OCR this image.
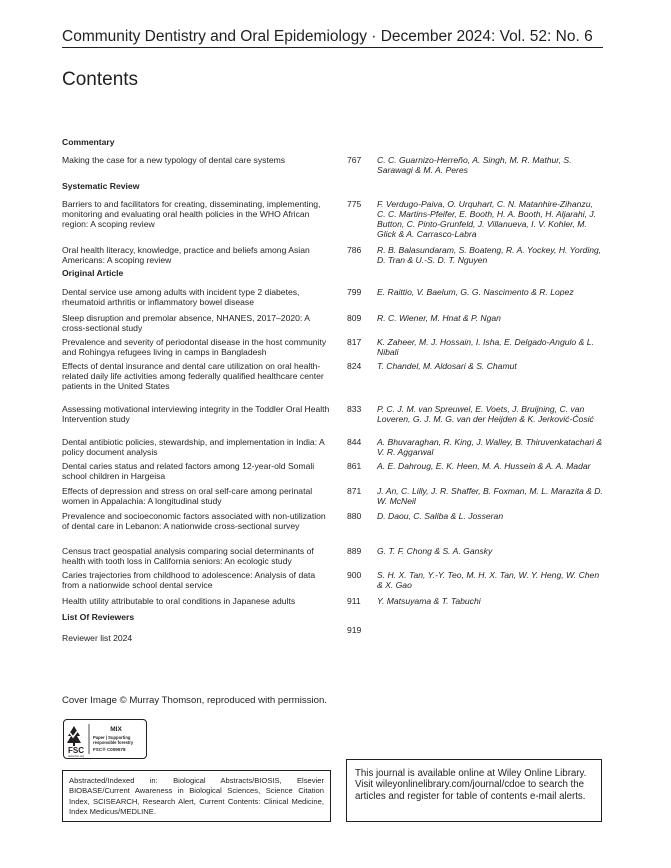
Community Dentistry and Oral Epidemiology · December 2024: Vol. 52: No. 6
Contents
Commentary
Making the case for a new typology of dental care systems	767 C. C. Guarnizo-Herreño, A. Singh, M. R. Mathur, S. Sarawagi & M. A. Peres
Systematic Review
Barriers to and facilitators for creating, disseminating, implementing, monitoring and evaluating oral health policies in the WHO African region: A scoping review
775 F. Verdugo-Paiva, O. Urquhart, C. N. Matanhire-Zihanzu, C. C. Martins-Pfeifer, E. Booth, H. A. Booth, H. Aljarahi, J. Button, C. Pinto-Grunfeld, J. Villanueva, I. V. Kohler, M. Glick & A. Carrasco-Labra
Oral health literacy, knowledge, practice and beliefs among Asian Americans: A scoping review
786 R. B. Balasundaram, S. Boateng, R. A. Yockey, H. Yording, D. Tran & U.-S. D. T. Nguyen
Original Article
Dental service use among adults with incident type 2 diabetes, rheumatoid arthritis or inflammatory bowel disease
799 E. Raittio, V. Baelum, G. G. Nascimento & R. Lopez
Sleep disruption and premolar absence, NHANES, 2017–2020: A cross-sectional study
809 R. C. Wiener, M. Hnat & P. Ngan
Prevalence and severity of periodontal disease in the host community and Rohingya refugees living in camps in Bangladesh
817 K. Zaheer, M. J. Hossain, I. Isha, E. Delgado-Angulo & L. Nibali
Effects of dental insurance and dental care utilization on oral health-related daily life activities among federally qualified healthcare center patients in the United States
824 T. Chandel, M. Aldosari & S. Chamut
Assessing motivational interviewing integrity in the Toddler Oral Health Intervention study
833 P. C. J. M. van Spreuwel, E. Voets, J. Bruijning, C. van Loveren, G. J. M. G. van der Heijden & K. Jerković-Ćosić
Dental antibiotic policies, stewardship, and implementation in India: A policy document analysis
844 A. Bhuvaraghan, R. King, J. Walley, B. Thiruvenkatachari & V. R. Aggarwal
Dental caries status and related factors among 12-year-old Somali school children in Hargeisa
861 A. E. Dahroug, E. K. Heen, M. A. Hussein & A. A. Madar
Effects of depression and stress on oral self-care among perinatal women in Appalachia: A longitudinal study
871 J. An, C. Lilly, J. R. Shaffer, B. Foxman, M. L. Marazita & D. W. McNeil
Prevalence and socioeconomic factors associated with non-utilization of dental care in Lebanon: A nationwide cross-sectional survey
880 D. Daou, C. Saliba & L. Josseran
Census tract geospatial analysis comparing social determinants of health with tooth loss in California seniors: An ecologic study
889 G. T. F. Chong & S. A. Gansky
Caries trajectories from childhood to adolescence: Analysis of data from a nationwide school dental service
900 S. H. X. Tan, Y.-Y. Teo, M. H. X. Tan, W. Y. Heng, W. Chen & X. Gao
Health utility attributable to oral conditions in Japanese adults	911 Y. Matsuyama & T. Tabuchi
List Of Reviewers
Reviewer list 2024
919
Cover Image © Murray Thomson, reproduced with permission.
FSC
www.fsc.org
MIX
Paper | Supporting
responsible forestry
FSC® C009578
Abstracted/Indexed in: Biological Abstracts/BIOSIS, Elsevier BIOBASE/Current Awareness in Biological Sciences, Science Citation Index, SCISEARCH, Research Alert, Current Contents: Clinical Medicine, Index Medicus/MEDLINE.
This journal is available online at Wiley Online Library. Visit wileyonlinelibrary.com/journal/cdoe to search the articles and register for table of contents e-mail alerts.
